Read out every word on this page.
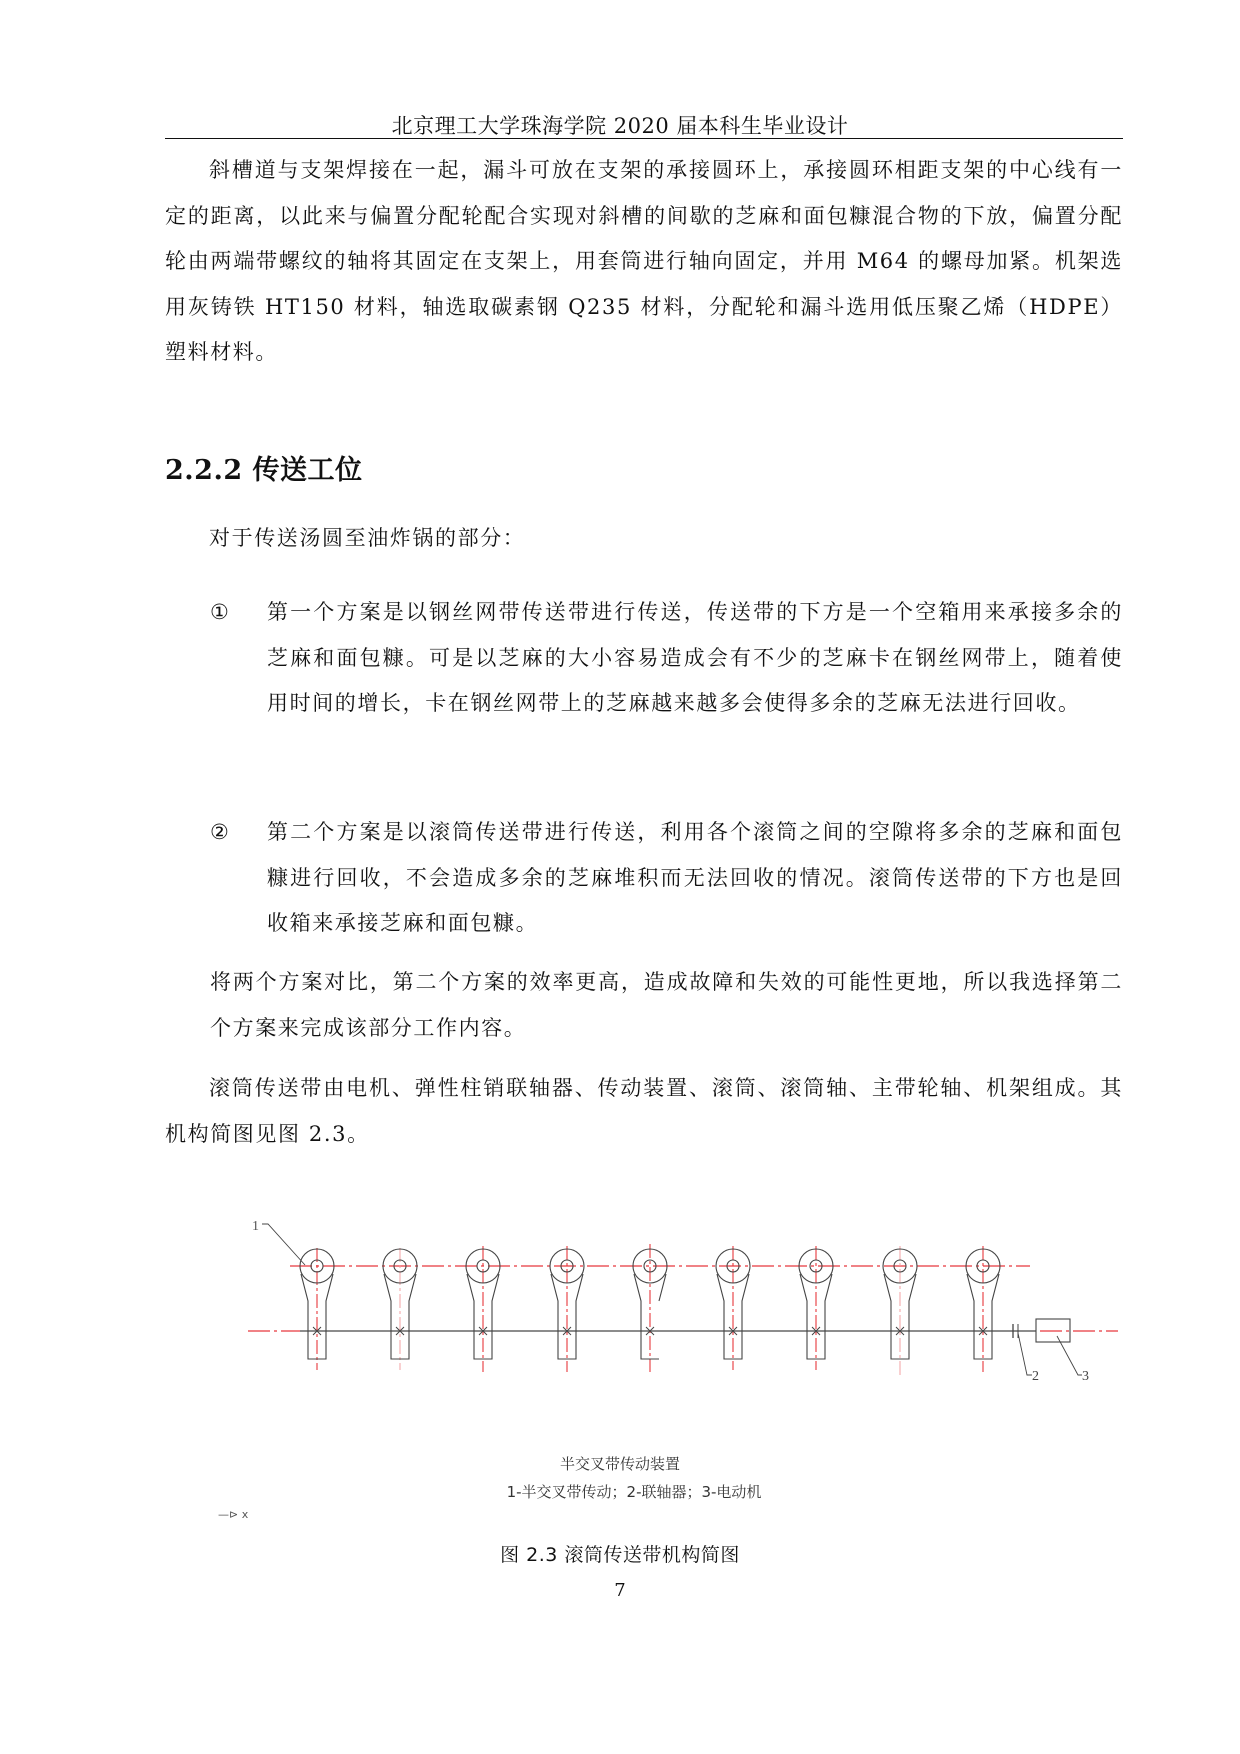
北京理工大学珠海学院 2020 届本科生毕业设计
斜槽道与支架焊接在一起，漏斗可放在支架的承接圆环上，承接圆环相距支架的中心线有一定的距离，以此来与偏置分配轮配合实现对斜槽的间歇的芝麻和面包糠混合物的下放，偏置分配轮由两端带螺纹的轴将其固定在支架上，用套筒进行轴向固定，并用 M64 的螺母加紧。机架选用灰铸铁 HT150 材料，轴选取碳素钢 Q235 材料，分配轮和漏斗选用低压聚乙烯（HDPE）塑料材料。
2.2.2 传送工位
对于传送汤圆至油炸锅的部分：
①	第一个方案是以钢丝网带传送带进行传送，传送带的下方是一个空箱用来承接多余的芝麻和面包糠。可是以芝麻的大小容易造成会有不少的芝麻卡在钢丝网带上，随着使用时间的增长，卡在钢丝网带上的芝麻越来越多会使得多余的芝麻无法进行回收。
②	第二个方案是以滚筒传送带进行传送，利用各个滚筒之间的空隙将多余的芝麻和面包糠进行回收，不会造成多余的芝麻堆积而无法回收的情况。滚筒传送带的下方也是回收箱来承接芝麻和面包糠。
将两个方案对比，第二个方案的效率更高，造成故障和失效的可能性更地，所以我选择第二个方案来完成该部分工作内容。
滚筒传送带由电机、弹性柱销联轴器、传动装置、滚筒、滚筒轴、主带轮轴、机架组成。其机构简图见图 2.3。
1
2	3
半交叉带传动装置
1-半交叉带传动；2-联轴器；3-电动机
—⊳ x
图 2.3 滚筒传送带机构简图
7
